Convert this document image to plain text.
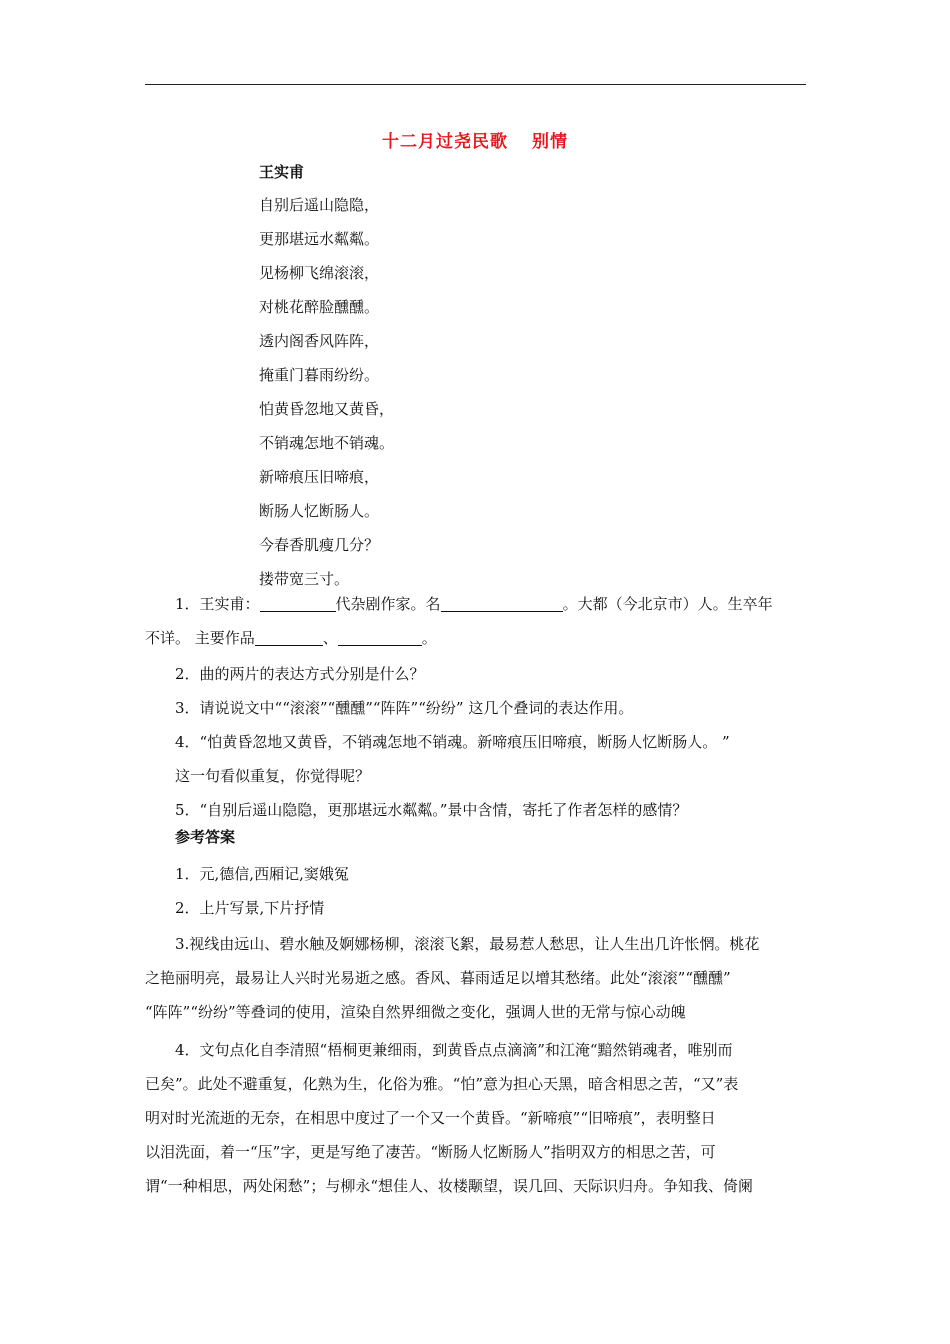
十二月过尧民歌 别情
王实甫
自别后遥山隐隐，
更那堪远水粼粼。
见杨柳飞绵滚滚，
对桃花醉脸醺醺。
透内阁香风阵阵，
掩重门暮雨纷纷。
怕黄昏忽地又黄昏，
不销魂怎地不销魂。
新啼痕压旧啼痕，
断肠人忆断肠人。
今春香肌瘦几分？
搂带宽三寸。
1．王实甫：	代杂剧作家。名	。大都（今北京市）人。生卒年
不详。 主要作品	、	。
2．曲的两片的表达方式分别是什么？
3．请说说文中““滚滚”“醺醺”“阵阵”“纷纷” 这几个叠词的表达作用。
4．“怕黄昏忽地又黄昏，不销魂怎地不销魂。新啼痕压旧啼痕，断肠人忆断肠人。 ”
这一句看似重复，你觉得呢？
5．“自别后遥山隐隐，更那堪远水粼粼。”景中含情，寄托了作者怎样的感情？
参考答案
1．元,德信,西厢记,窦娥冤
2．上片写景,下片抒情
3.视线由远山、碧水触及婀娜杨柳，滚滚飞絮，最易惹人愁思，让人生出几许怅惘。桃花
之艳丽明亮，最易让人兴时光易逝之感。香风、暮雨适足以增其愁绪。此处“滚滚”“醺醺”
“阵阵”“纷纷”等叠词的使用，渲染自然界细微之变化，强调人世的无常与惊心动魄
4．文句点化自李清照“梧桐更兼细雨，到黄昏点点滴滴”和江淹“黯然销魂者，唯别而
已矣”。此处不避重复，化熟为生，化俗为雅。“怕”意为担心天黑，暗含相思之苦，“又”表
明对时光流逝的无奈，在相思中度过了一个又一个黄昏。“新啼痕”“旧啼痕”，表明整日
以泪洗面，着一“压”字，更是写绝了凄苦。“断肠人忆断肠人”指明双方的相思之苦，可
谓“一种相思，两处闲愁”；与柳永“想佳人、妆楼颙望，误几回、天际识归舟。争知我、倚阑
